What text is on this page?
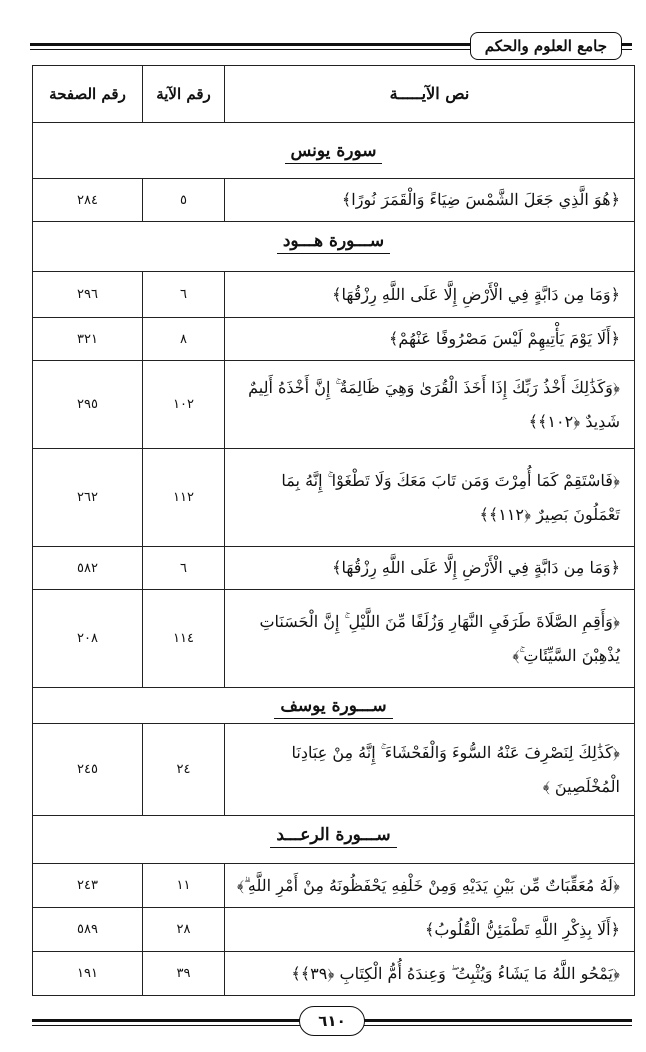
جامع العلوم والحكم
نص الآيـــــة	رقم الآية	رقم الصفحة
سورة يونس		
﴿هُوَ الَّذِي جَعَلَ الشَّمْسَ ضِيَاءً وَالْقَمَرَ نُورًا﴾	٥	٢٨٤
ســـورة هـــود		

﴿وَمَا مِن دَابَّةٍ فِي الْأَرْضِ إِلَّا عَلَى اللَّهِ رِزْقُهَا﴾	٦	٢٩٦
﴿أَلَا يَوْمَ يَأْتِيهِمْ لَيْسَ مَصْرُوفًا عَنْهُمْ﴾	٨	٣٢١
﴿وَكَذَٰلِكَ أَخْذُ رَبِّكَ إِذَا أَخَذَ الْقُرَىٰ وَهِيَ ظَالِمَةٌ ۚ إِنَّ أَخْذَهُ أَلِيمٌ شَدِيدٌ ﴿١٠٢﴾﴾	١٠٢	٢٩٥
﴿فَاسْتَقِمْ كَمَا أُمِرْتَ وَمَن تَابَ مَعَكَ وَلَا تَطْغَوْا ۚ إِنَّهُ بِمَا تَعْمَلُونَ بَصِيرٌ ﴿١١٢﴾﴾	١١٢	٢٦٢
﴿وَمَا مِن دَابَّةٍ فِي الْأَرْضِ إِلَّا عَلَى اللَّهِ رِزْقُهَا﴾	٦	٥٨٢
﴿وَأَقِمِ الصَّلَاةَ طَرَفَيِ النَّهَارِ وَزُلَفًا مِّنَ اللَّيْلِ ۚ إِنَّ الْحَسَنَاتِ يُذْهِبْنَ السَّيِّئَاتِ ۚ﴾	١١٤	٢٠٨
ســـورة يوسف		
﴿كَذَٰلِكَ لِنَصْرِفَ عَنْهُ السُّوءَ وَالْفَحْشَاءَ ۚ إِنَّهُ مِنْ عِبَادِنَا الْمُخْلَصِينَ ﴾	٢٤	٢٤٥
ســـورة الرعـــد		

﴿لَهُ مُعَقِّبَاتٌ مِّن بَيْنِ يَدَيْهِ وَمِنْ خَلْفِهِ يَحْفَظُونَهُ مِنْ أَمْرِ اللَّهِ ۗ﴾	١١	٢٤٣
﴿أَلَا بِذِكْرِ اللَّهِ تَطْمَئِنُّ الْقُلُوبُ﴾	٢٨	٥٨٩
﴿يَمْحُو اللَّهُ مَا يَشَاءُ وَيُثْبِتُ ۖ وَعِندَهُ أُمُّ الْكِتَابِ ﴿٣٩﴾﴾	٣٩	١٩١
٦١٠
